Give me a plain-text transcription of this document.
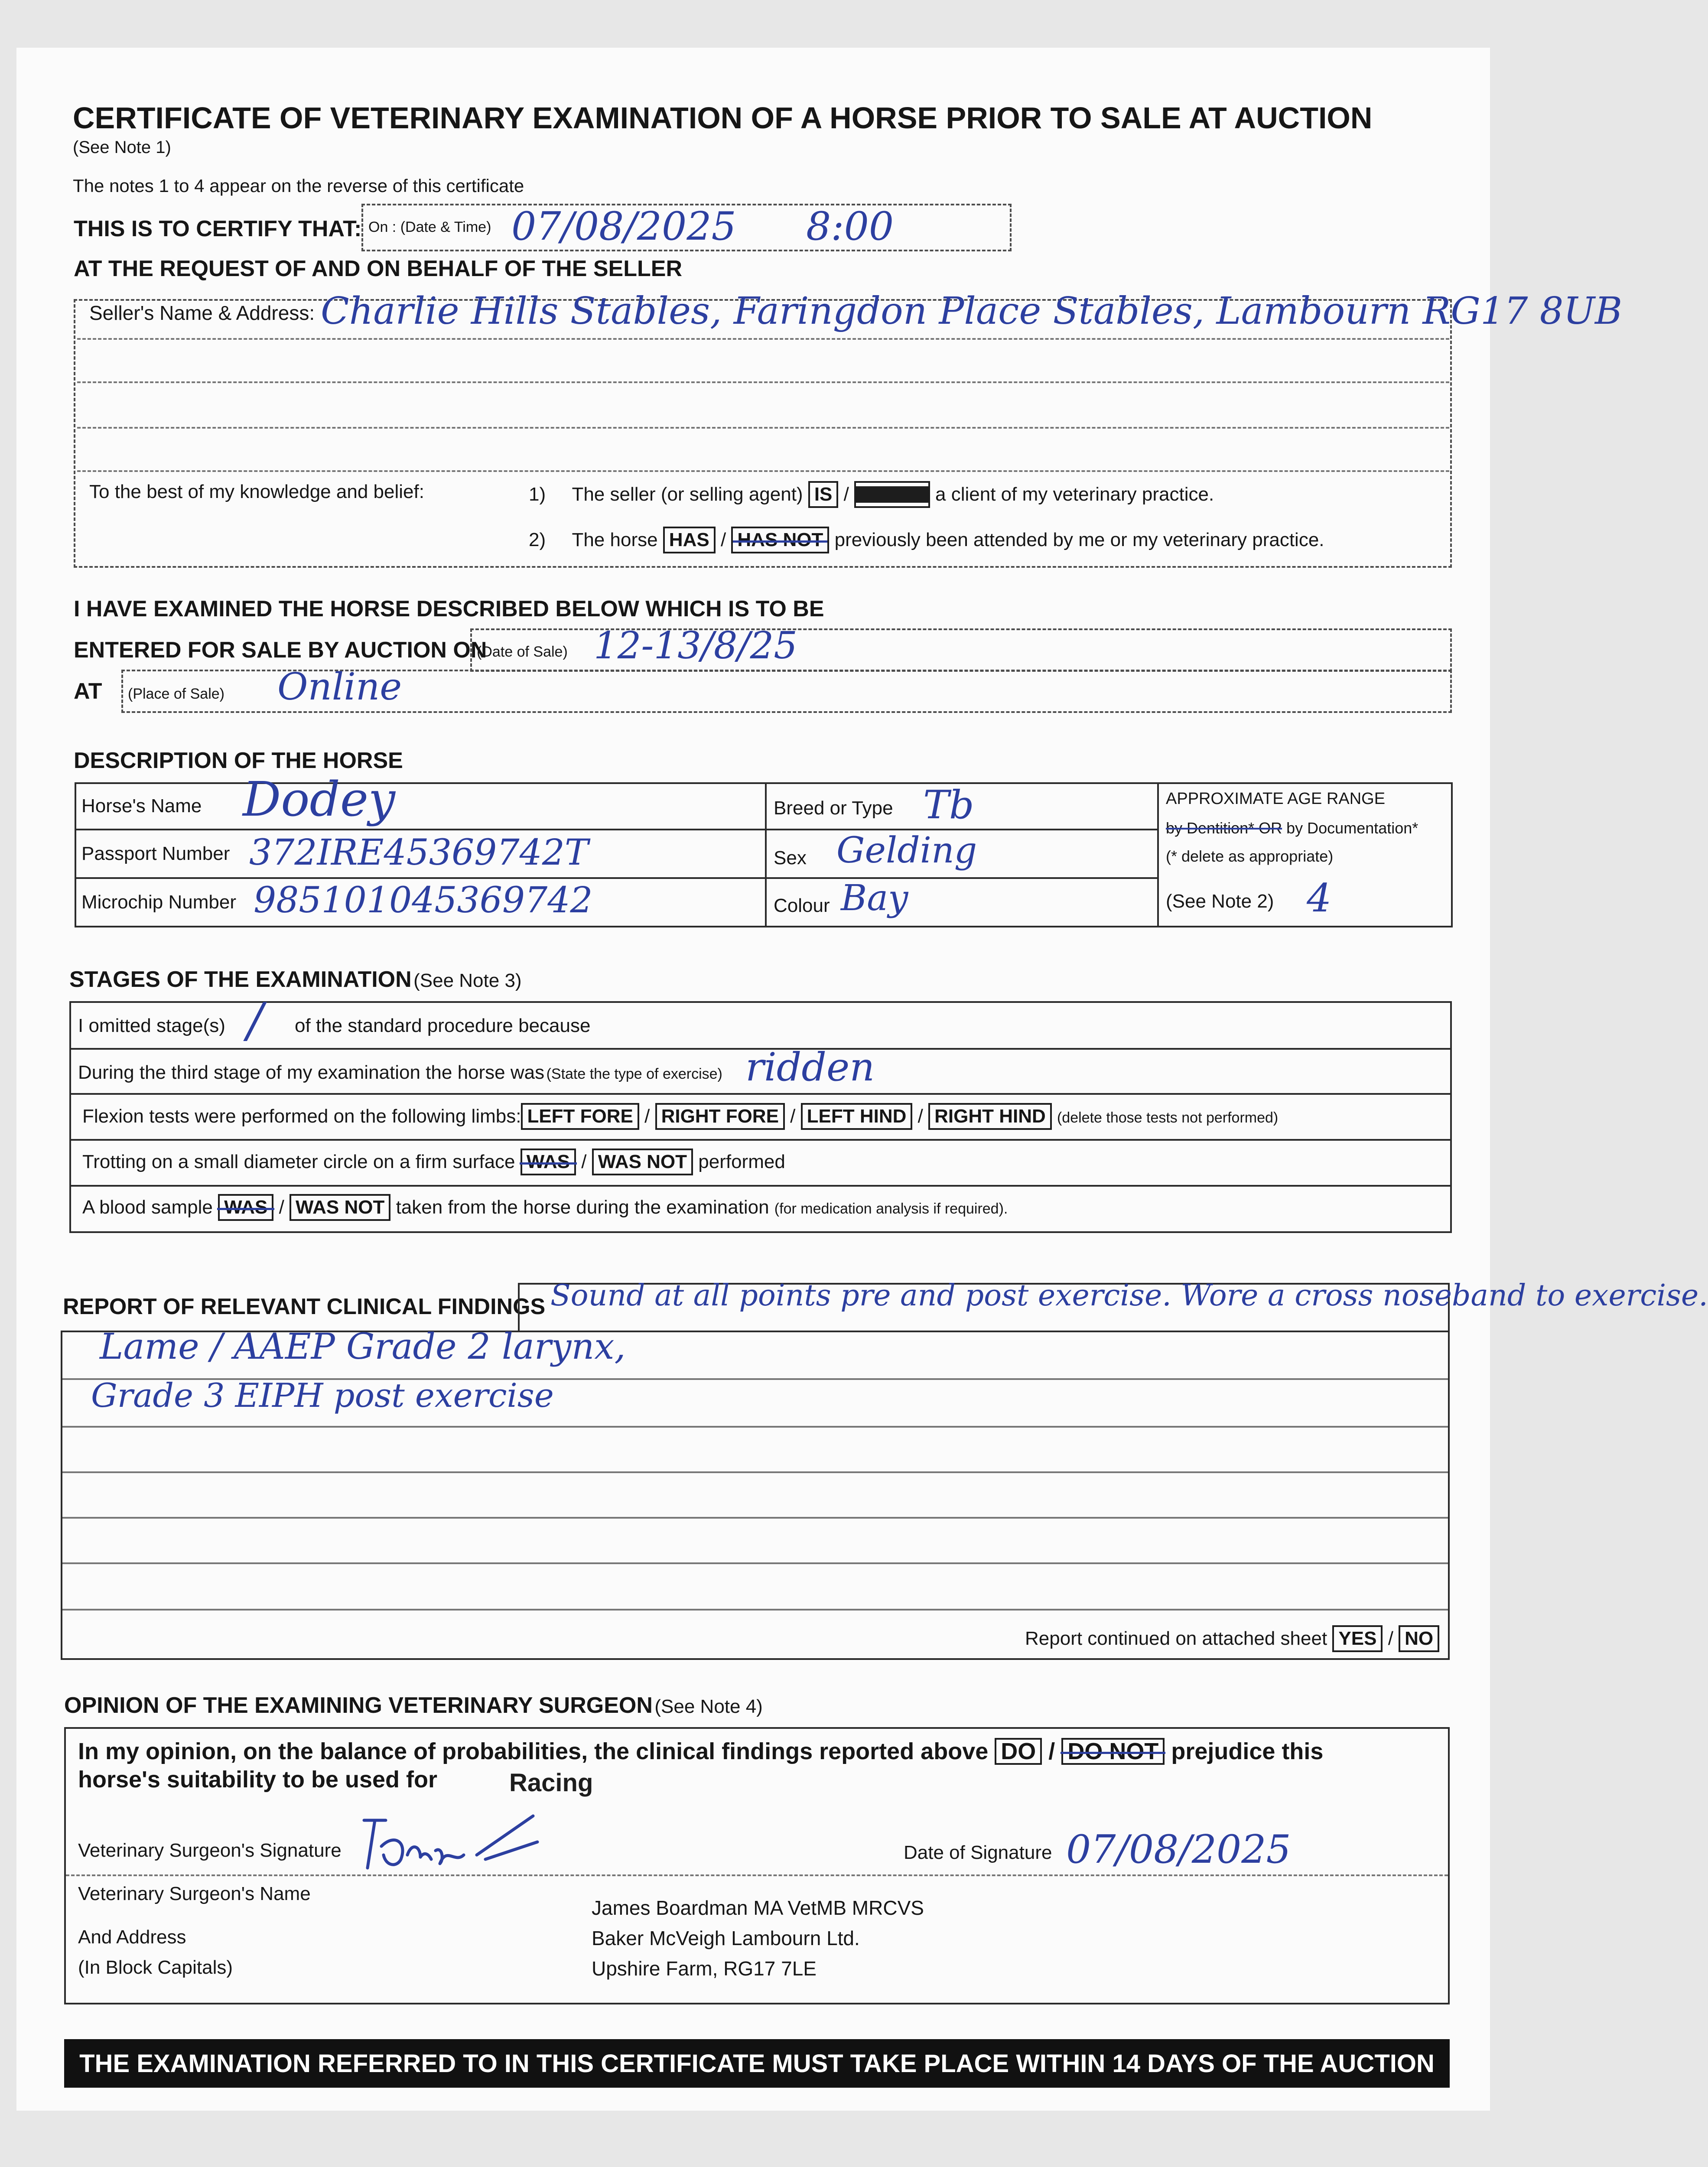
CERTIFICATE OF VETERINARY EXAMINATION OF A HORSE PRIOR TO SALE AT AUCTION
(See Note 1)
The notes 1 to 4 appear on the reverse of this certificate
THIS IS TO CERTIFY THAT: On : (Date & Time) 07/08/2025 8:00
AT THE REQUEST OF AND ON BEHALF OF THE SELLER
Seller's Name & Address: Charlie Hills Stables, Faringdon Place Stables, Lambourn RG17 8UB
To the best of my knowledge and belief:	1) The seller (or selling agent) IS /	a client of my veterinary practice.
2) The horse HAS / HAS NOT previously been attended by me or my veterinary practice.
I HAVE EXAMINED THE HORSE DESCRIBED BELOW WHICH IS TO BE
ENTERED FOR SALE BY AUCTION ON
(Date of Sale) 12-13/8/25
AT (Place of Sale) Online
DESCRIPTION OF THE HORSE
Horse's Name Dodey
Passport Number 372IRE45369742T
Microchip Number 985101045369742
Breed or Type Tb
Sex Gelding
Colour Bay
APPROXIMATE AGE RANGE
by Dentition* OR by Documentation*
(* delete as appropriate)
(See Note 2) 4
STAGES OF THE EXAMINATION (See Note 3)
I omitted stage(s) / of the standard procedure because
During the third stage of my examination the horse was (State the type of exercise) ridden
Flexion tests were performed on the following limbs: LEFT FORE / RIGHT FORE / LEFT HIND / RIGHT HIND (delete those tests not performed)
Trotting on a small diameter circle on a firm surface WAS / WAS NOT performed
A blood sample WAS / WAS NOT taken from the horse during the examination (for medication analysis if required).
REPORT OF RELEVANT CLINICAL FINDINGS Sound at all points pre and post exercise. Wore a cross noseband to exercise.
Lame / AAEP Grade 2 larynx,
Grade 3 EIPH post exercise
Report continued on attached sheet YES / NO
OPINION OF THE EXAMINING VETERINARY SURGEON (See Note 4)
In my opinion, on the balance of probabilities, the clinical findings reported above DO / DO NOT prejudice this
horse's suitability to be used for	Racing
Veterinary Surgeon's Signature	Date of Signature 07/08/2025
Veterinary Surgeon's Name
And Address
(In Block Capitals)
James Boardman MA VetMB MRCVS
Baker McVeigh Lambourn Ltd.
Upshire Farm, RG17 7LE
THE EXAMINATION REFERRED TO IN THIS CERTIFICATE MUST TAKE PLACE WITHIN 14 DAYS OF THE AUCTION
